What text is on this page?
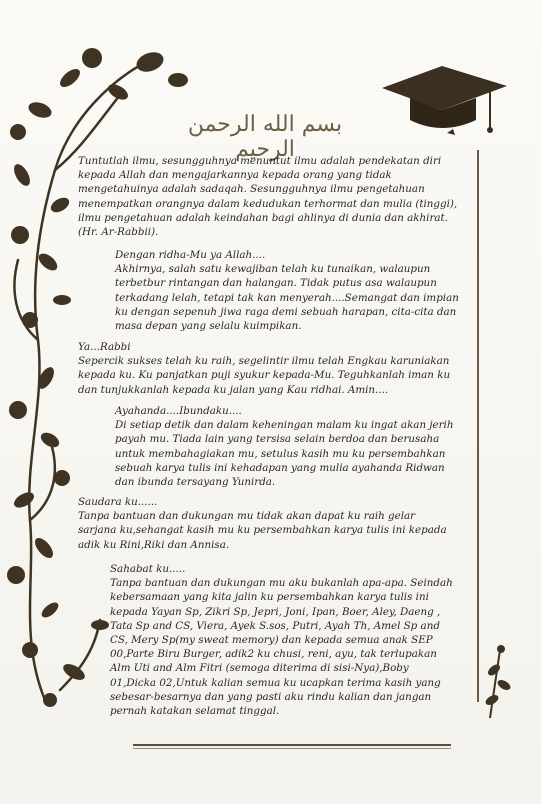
بسم الله الرحمن الرحيم

Tuntutlah ilmu, sesungguhnya menuntut ilmu adalah pendekatan diri

kepada Allah dan mengajarkannya kepada orang yang tidak

mengetahuinya adalah sadaqah. Sesungguhnya ilmu pengetahuan

menempatkan orangnya dalam kedudukan terhormat dan mulia (tinggi),

ilmu pengetahuan adalah keindahan bagi ahlinya di dunia dan akhirat.

(Hr. Ar-Rabbii).

Dengan ridha-Mu ya Allah....

Akhirnya, salah satu kewajiban telah ku tunaikan, walaupun

terbetbur rintangan dan halangan. Tidak putus asa walaupun

terkadang lelah, tetapi tak kan menyerah....Semangat dan impian

ku dengan sepenuh jiwa raga demi sebuah harapan, cita-cita dan

masa depan yang selalu kuimpikan.

Ya...Rabbi

Sepercik sukses telah ku raih, segelintir ilmu telah Engkau karuniakan

kepada ku. Ku panjatkan puji syukur kepada-Mu. Teguhkanlah iman ku

dan tunjukkanlah kepada ku jalan yang Kau ridhai. Amin....

Ayahanda....Ibundaku....

Di setiap detik dan dalam keheningan malam ku ingat akan jerih

payah mu. Tiada lain yang tersisa selain berdoa dan berusaha

untuk membahagiakan mu, setulus kasih mu ku persembahkan

sebuah karya tulis ini kehadapan yang mulia ayahanda Ridwan

dan ibunda tersayang Yunirda.

Saudara ku......

Tanpa bantuan dan dukungan mu tidak akan dapat ku raih gelar

sarjana ku,sehangat kasih mu ku persembahkan karya tulis ini kepada

adik ku Rini,Riki dan Annisa.

Sahabat ku.....

Tanpa bantuan dan dukungan mu aku bukanlah apa-apa. Seindah

kebersamaan yang kita jalin ku persembahkan karya tulis ini

kepada Yayan Sp, Zikri Sp, Jepri, Joni, Ipan, Boer, Aley, Daeng ,

Tata Sp and CS, Viera, Ayek S.sos, Putri, Ayah Th, Amel Sp and

CS, Mery Sp(my sweat memory) dan kepada semua anak SEP

00,Parte Biru Burger, adik2 ku chusi, reni, ayu, tak terlupakan

Alm Uti and Alm Fitri (semoga diterima di sisi-Nya),Boby

01,Dicka 02,Untuk kalian semua ku ucapkan terima kasih yang

sebesar-besarnya dan yang pasti aku rindu kalian dan jangan

pernah katakan selamat tinggal.
